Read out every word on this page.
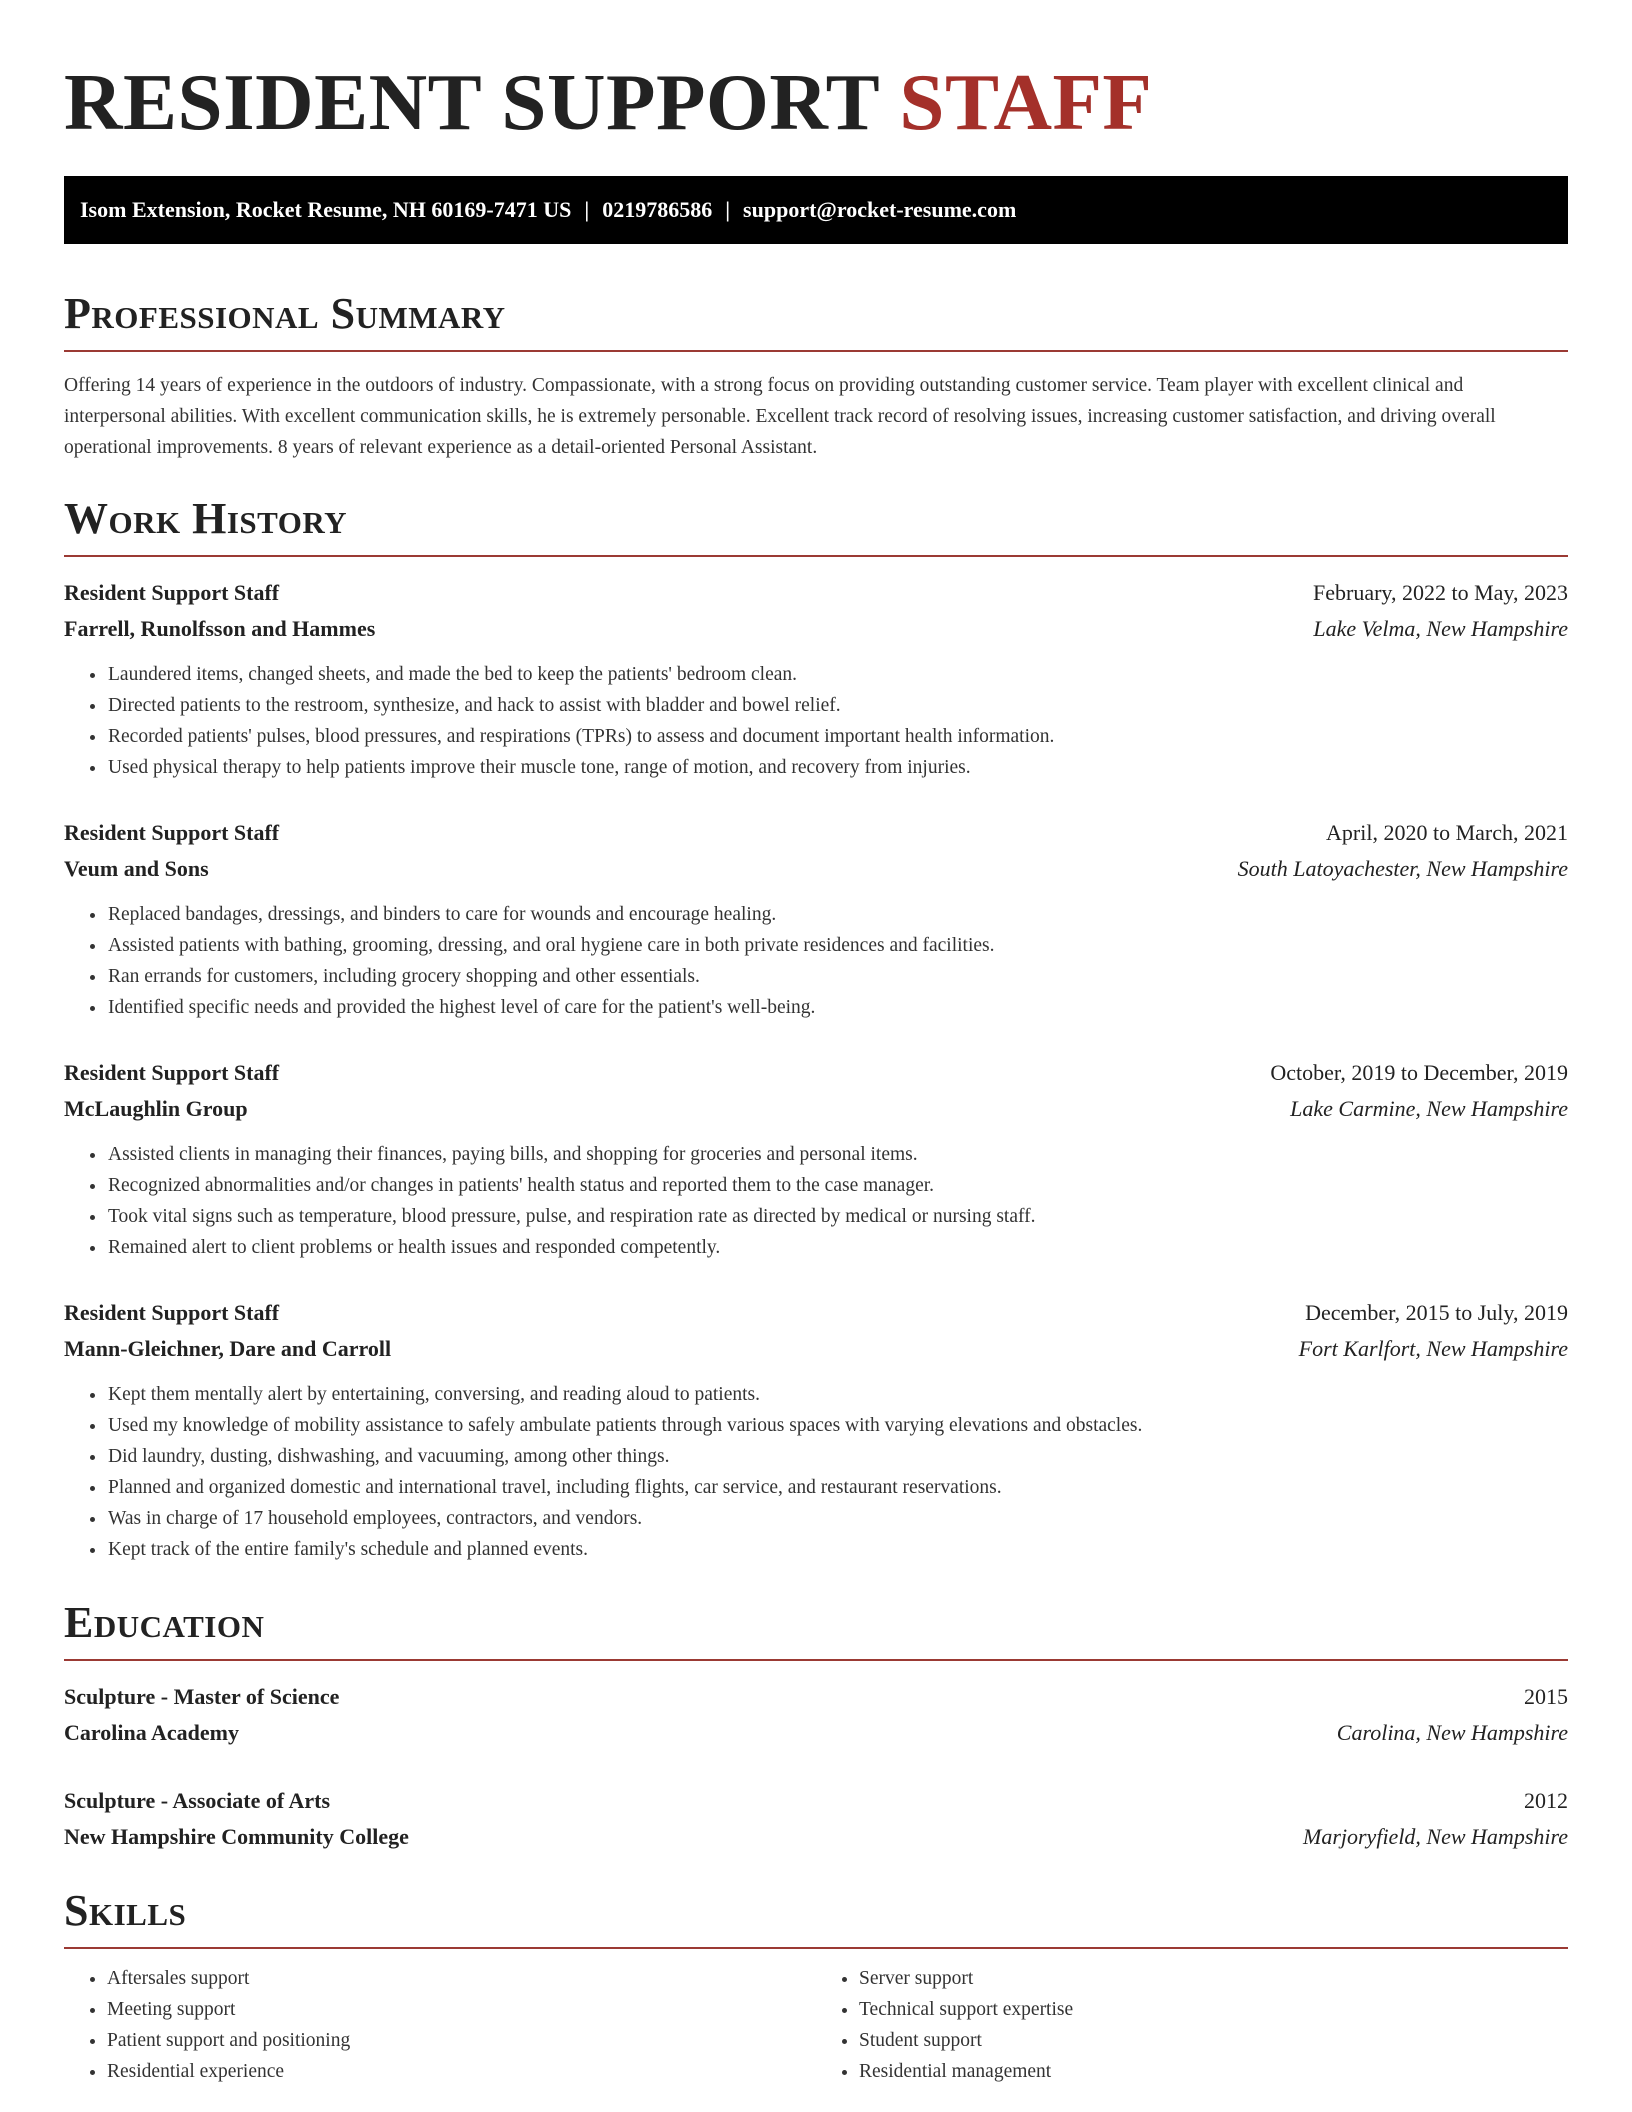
RESIDENT SUPPORT STAFF
Isom Extension, Rocket Resume, NH 60169-7471 US | 0219786586 | support@rocket-resume.com
Professional Summary

Offering 14 years of experience in the outdoors of industry. Compassionate, with a strong focus on providing outstanding customer service. Team player with excellent clinical and interpersonal abilities. With excellent communication skills, he is extremely personable. Excellent track record of resolving issues, increasing customer satisfaction, and driving overall operational improvements. 8 years of relevant experience as a detail-oriented Personal Assistant.

Work History
Resident Support Staff	February, 2022 to May, 2023
Farrell, Runolfsson and Hammes	Lake Velma, New Hampshire
• Laundered items, changed sheets, and made the bed to keep the patients' bedroom clean.
• Directed patients to the restroom, synthesize, and hack to assist with bladder and bowel relief.
• Recorded patients' pulses, blood pressures, and respirations (TPRs) to assess and document important health information.
• Used physical therapy to help patients improve their muscle tone, range of motion, and recovery from injuries.
Resident Support Staff	April, 2020 to March, 2021
Veum and Sons	South Latoyachester, New Hampshire
• Replaced bandages, dressings, and binders to care for wounds and encourage healing.
• Assisted patients with bathing, grooming, dressing, and oral hygiene care in both private residences and facilities.
• Ran errands for customers, including grocery shopping and other essentials.
• Identified specific needs and provided the highest level of care for the patient's well-being.
Resident Support Staff	October, 2019 to December, 2019
McLaughlin Group	Lake Carmine, New Hampshire
• Assisted clients in managing their finances, paying bills, and shopping for groceries and personal items.
• Recognized abnormalities and/or changes in patients' health status and reported them to the case manager.
• Took vital signs such as temperature, blood pressure, pulse, and respiration rate as directed by medical or nursing staff.
• Remained alert to client problems or health issues and responded competently.
Resident Support Staff	December, 2015 to July, 2019
Mann-Gleichner, Dare and Carroll	Fort Karlfort, New Hampshire
• Kept them mentally alert by entertaining, conversing, and reading aloud to patients.
• Used my knowledge of mobility assistance to safely ambulate patients through various spaces with varying elevations and obstacles.
• Did laundry, dusting, dishwashing, and vacuuming, among other things.
• Planned and organized domestic and international travel, including flights, car service, and restaurant reservations.
• Was in charge of 17 household employees, contractors, and vendors.
• Kept track of the entire family's schedule and planned events.
Education
Sculpture - Master of Science	2015
Carolina Academy	Carolina, New Hampshire
Sculpture - Associate of Arts	2012
New Hampshire Community College	Marjoryfield, New Hampshire
Skills
• Aftersales support
• Meeting support
• Patient support and positioning
• Residential experience
• Server support
• Technical support expertise
• Student support
• Residential management
